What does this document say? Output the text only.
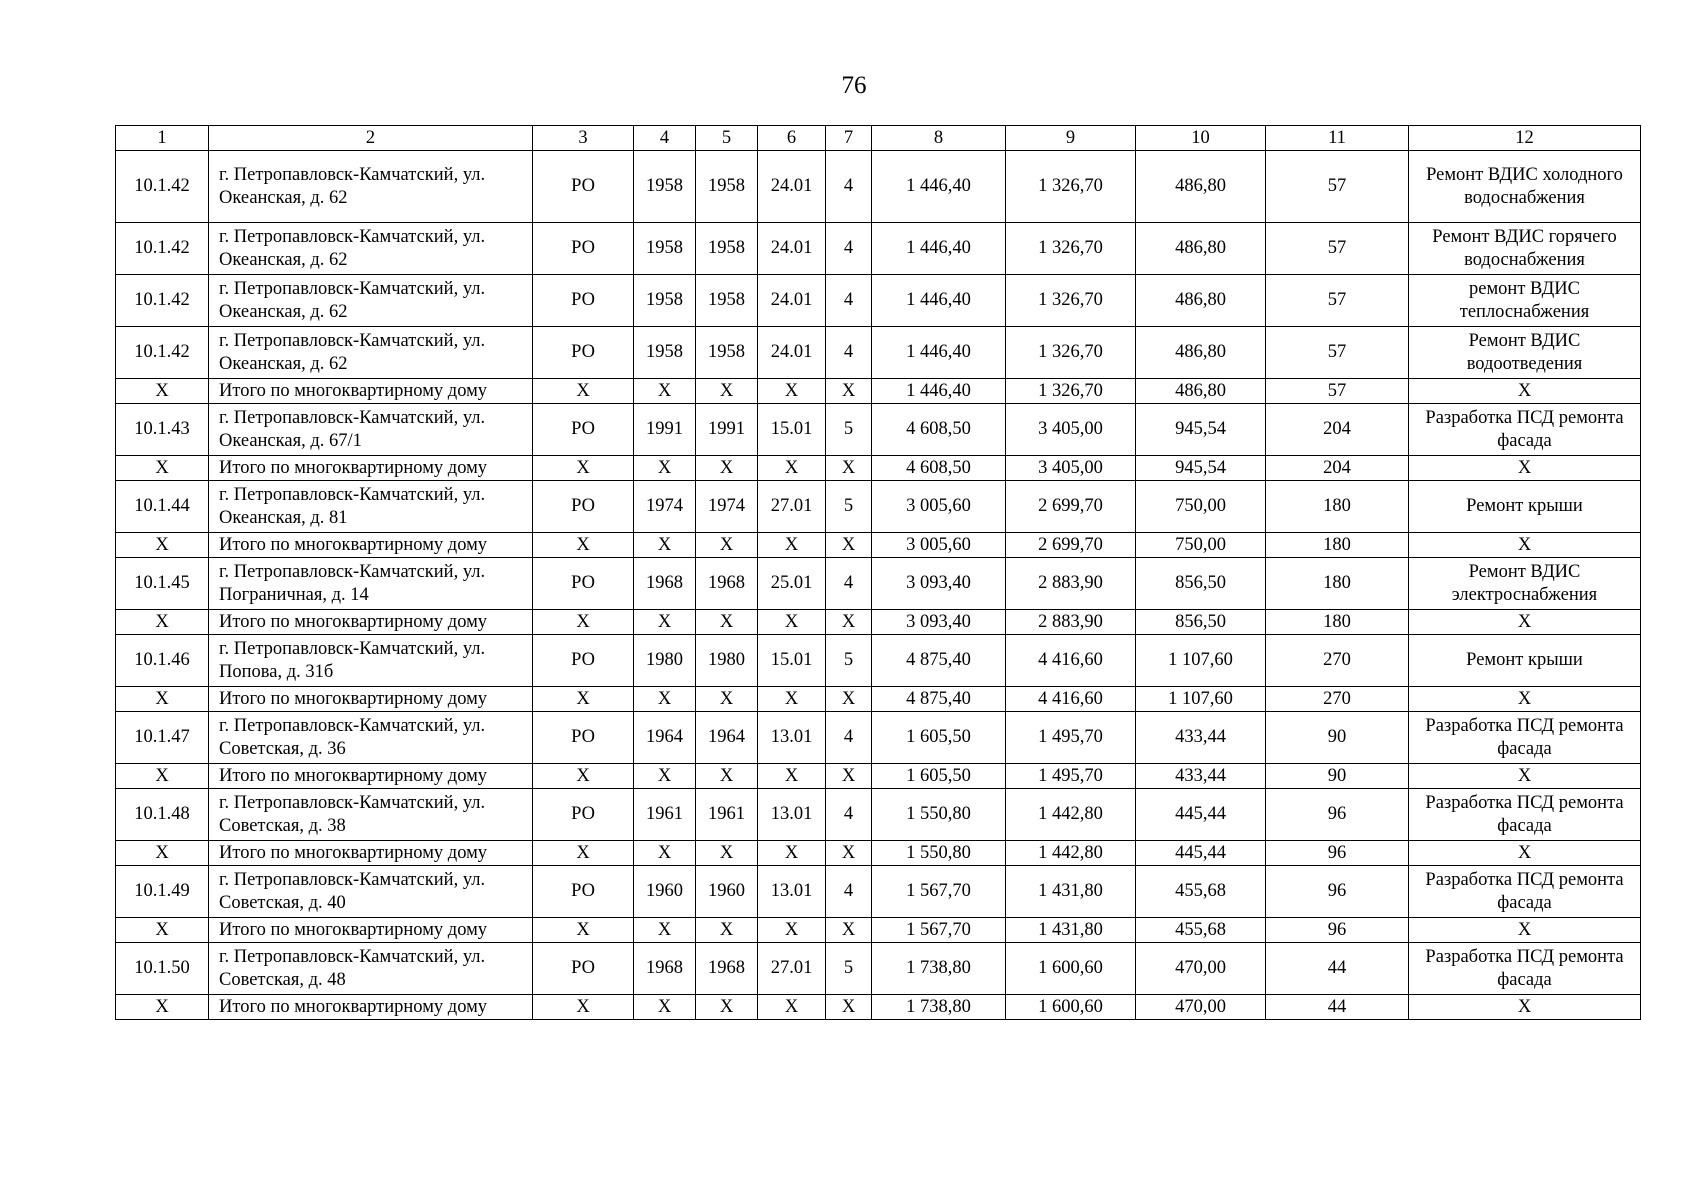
76
1	2	3	4	5	6	7	8	9	10	11	12
10.1.42	г. Петропавловск-Камчатский, ул. Океанская, д. 62	РО	1958	1958	24.01	4	1 446,40	1 326,70	486,80	57	Ремонт ВДИС холодного водоснабжения
10.1.42	г. Петропавловск-Камчатский, ул. Океанская, д. 62	РО	1958	1958	24.01	4	1 446,40	1 326,70	486,80	57	Ремонт ВДИС горячего водоснабжения
10.1.42	г. Петропавловск-Камчатский, ул. Океанская, д. 62	РО	1958	1958	24.01	4	1 446,40	1 326,70	486,80	57	ремонт ВДИС теплоснабжения
10.1.42	г. Петропавловск-Камчатский, ул. Океанская, д. 62	РО	1958	1958	24.01	4	1 446,40	1 326,70	486,80	57	Ремонт ВДИС водоотведения
X	Итого по многоквартирному дому	X	X	X	X	X	1 446,40	1 326,70	486,80	57	X
10.1.43	г. Петропавловск-Камчатский, ул. Океанская, д. 67/1	РО	1991	1991	15.01	5	4 608,50	3 405,00	945,54	204	Разработка ПСД ремонта фасада
X	Итого по многоквартирному дому	X	X	X	X	X	4 608,50	3 405,00	945,54	204	X
10.1.44	г. Петропавловск-Камчатский, ул. Океанская, д. 81	РО	1974	1974	27.01	5	3 005,60	2 699,70	750,00	180	Ремонт крыши
X	Итого по многоквартирному дому	X	X	X	X	X	3 005,60	2 699,70	750,00	180	X
10.1.45	г. Петропавловск-Камчатский, ул. Пограничная, д. 14	РО	1968	1968	25.01	4	3 093,40	2 883,90	856,50	180	Ремонт ВДИС электроснабжения
X	Итого по многоквартирному дому	X	X	X	X	X	3 093,40	2 883,90	856,50	180	X
10.1.46	г. Петропавловск-Камчатский, ул. Попова, д. 31б	РО	1980	1980	15.01	5	4 875,40	4 416,60	1 107,60	270	Ремонт крыши
X	Итого по многоквартирному дому	X	X	X	X	X	4 875,40	4 416,60	1 107,60	270	X
10.1.47	г. Петропавловск-Камчатский, ул. Советская, д. 36	РО	1964	1964	13.01	4	1 605,50	1 495,70	433,44	90	Разработка ПСД ремонта фасада
X	Итого по многоквартирному дому	X	X	X	X	X	1 605,50	1 495,70	433,44	90	X
10.1.48	г. Петропавловск-Камчатский, ул. Советская, д. 38	РО	1961	1961	13.01	4	1 550,80	1 442,80	445,44	96	Разработка ПСД ремонта фасада
X	Итого по многоквартирному дому	X	X	X	X	X	1 550,80	1 442,80	445,44	96	X
10.1.49	г. Петропавловск-Камчатский, ул. Советская, д. 40	РО	1960	1960	13.01	4	1 567,70	1 431,80	455,68	96	Разработка ПСД ремонта фасада
X	Итого по многоквартирному дому	X	X	X	X	X	1 567,70	1 431,80	455,68	96	X
10.1.50	г. Петропавловск-Камчатский, ул. Советская, д. 48	РО	1968	1968	27.01	5	1 738,80	1 600,60	470,00	44	Разработка ПСД ремонта фасада
X	Итого по многоквартирному дому	X	X	X	X	X	1 738,80	1 600,60	470,00	44	X
